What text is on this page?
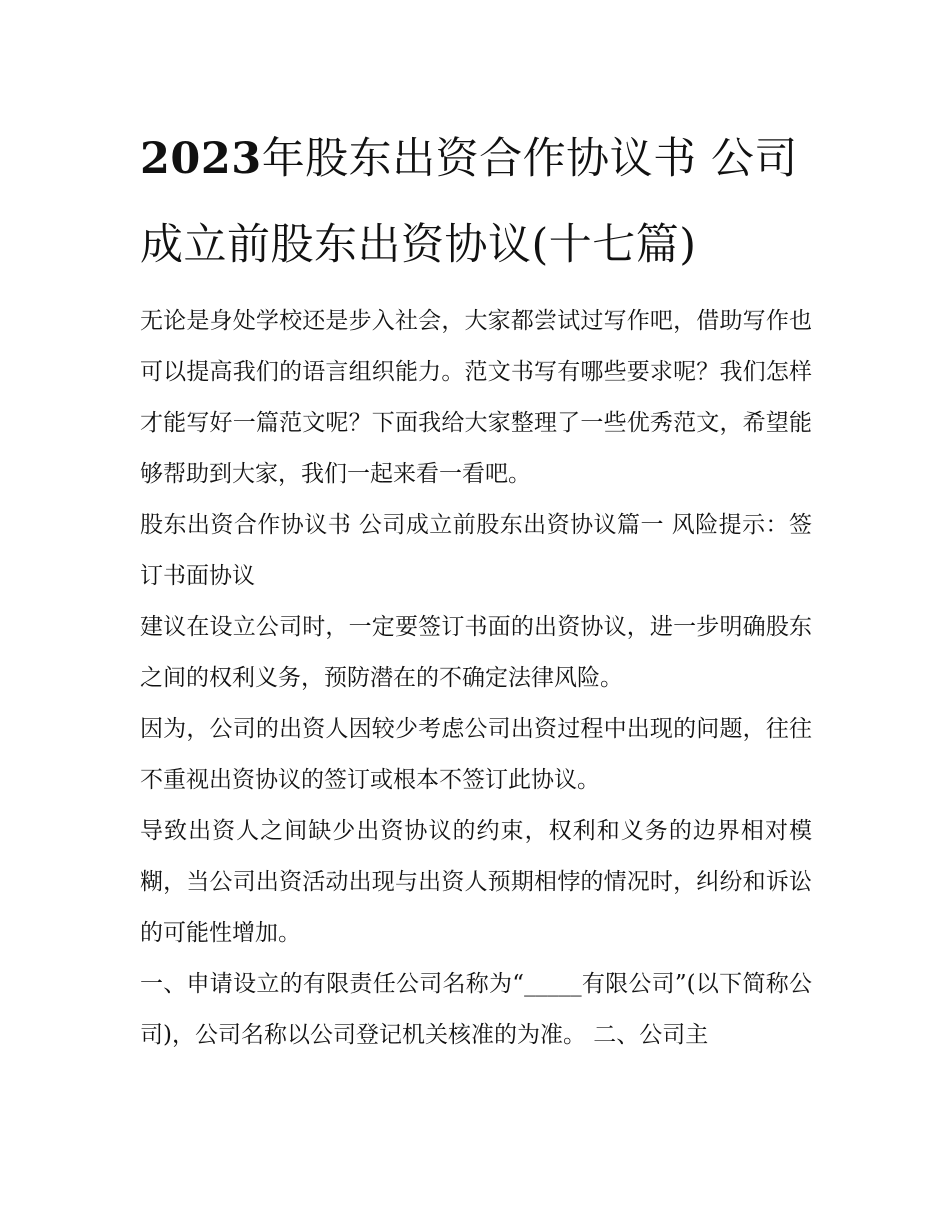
2023年股东出资合作协议书 公司成立前股东出资协议(十七篇)

无论是身处学校还是步入社会，大家都尝试过写作吧，借助写作也可以提高我们的语言组织能力。范文书写有哪些要求呢？我们怎样才能写好一篇范文呢？下面我给大家整理了一些优秀范文，希望能够帮助到大家，我们一起来看一看吧。

股东出资合作协议书 公司成立前股东出资协议篇一 风险提示：签订书面协议

建议在设立公司时，一定要签订书面的出资协议，进一步明确股东之间的权利义务，预防潜在的不确定法律风险。

因为，公司的出资人因较少考虑公司出资过程中出现的问题，往往不重视出资协议的签订或根本不签订此协议。

导致出资人之间缺少出资协议的约束，权利和义务的边界相对模糊，当公司出资活动出现与出资人预期相悖的情况时，纠纷和诉讼的可能性增加。

一、申请设立的有限责任公司名称为“_____有限公司”(以下简称公司)，公司名称以公司登记机关核准的为准。 二、公司主
